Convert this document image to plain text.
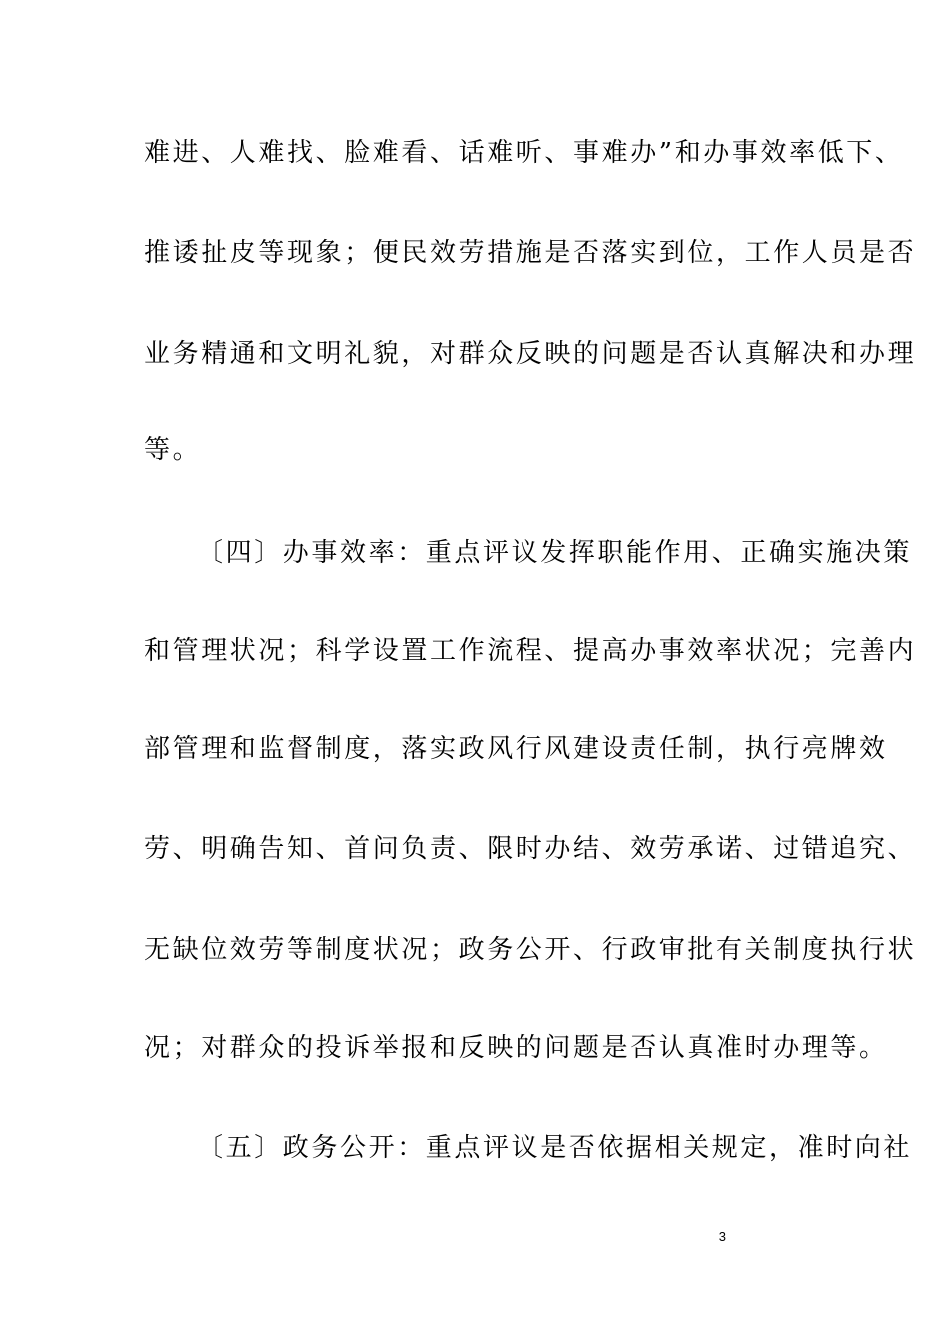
难进、人难找、脸难看、话难听、事难办”和办事效率低下、
推诿扯皮等现象；便民效劳措施是否落实到位，工作人员是否
业务精通和文明礼貌，对群众反映的问题是否认真解决和办理
等。
〔四〕办事效率：重点评议发挥职能作用、正确实施决策
和管理状况；科学设置工作流程、提高办事效率状况；完善内
部管理和监督制度，落实政风行风建设责任制，执行亮牌效
劳、明确告知、首问负责、限时办结、效劳承诺、过错追究、
无缺位效劳等制度状况；政务公开、行政审批有关制度执行状
况；对群众的投诉举报和反映的问题是否认真准时办理等。
〔五〕政务公开：重点评议是否依据相关规定，准时向社
3
